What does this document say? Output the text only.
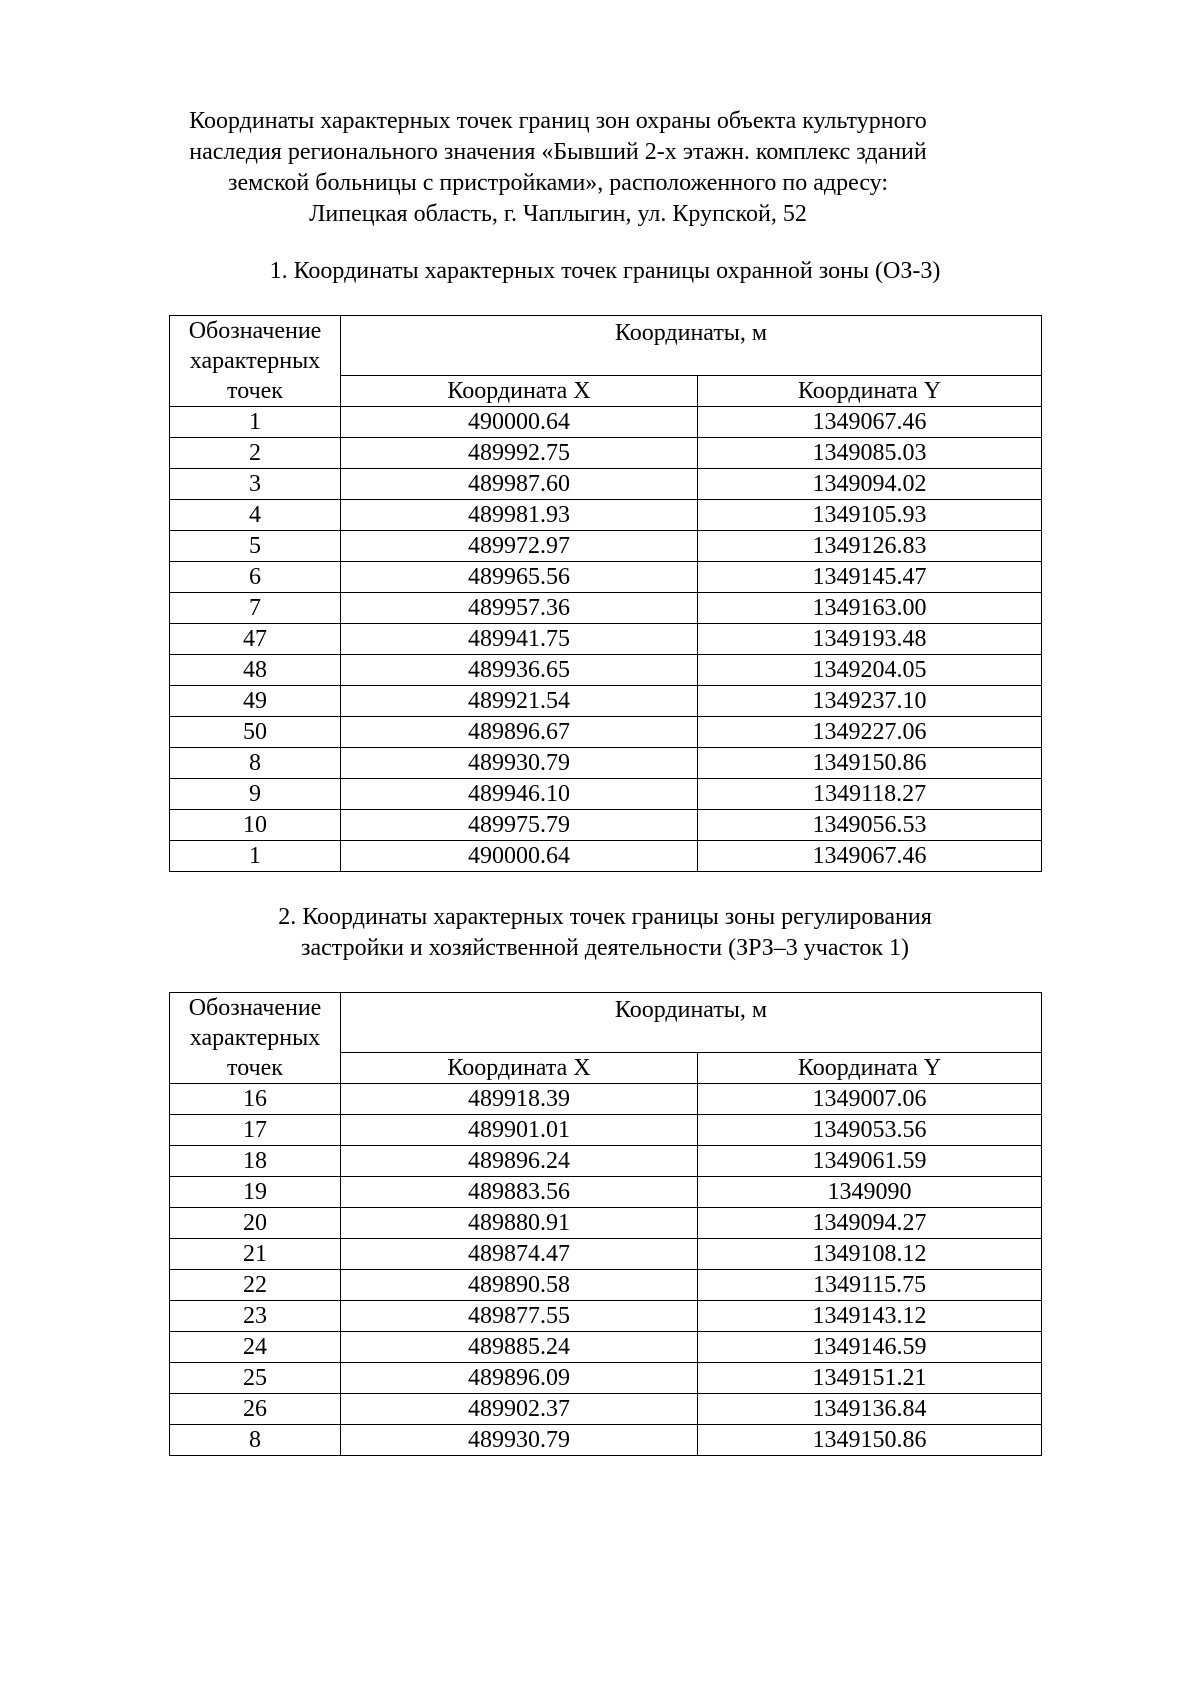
Координаты характерных точек границ зон охраны объекта культурного
наследия регионального значения «Бывший 2-х этажн. комплекс зданий
земской больницы с пристройками», расположенного по адресу:
Липецкая область, г. Чаплыгин, ул. Крупской, 52
1. Координаты характерных точек границы охранной зоны (ОЗ-3)
Обозначение характерных точек	Координаты, м	
	Координата X	Координата Y
1	490000.64	1349067.46
2	489992.75	1349085.03
3	489987.60	1349094.02
4	489981.93	1349105.93
5	489972.97	1349126.83
6	489965.56	1349145.47
7	489957.36	1349163.00
47	489941.75	1349193.48
48	489936.65	1349204.05
49	489921.54	1349237.10
50	489896.67	1349227.06
8	489930.79	1349150.86
9	489946.10	1349118.27
10	489975.79	1349056.53
1	490000.64	1349067.46
2. Координаты характерных точек границы зоны регулирования
застройки и хозяйственной деятельности (ЗРЗ–3 участок 1)
Обозначение характерных точек	Координаты, м	
	Координата X	Координата Y
16	489918.39	1349007.06
17	489901.01	1349053.56
18	489896.24	1349061.59
19	489883.56	1349090
20	489880.91	1349094.27
21	489874.47	1349108.12
22	489890.58	1349115.75
23	489877.55	1349143.12
24	489885.24	1349146.59
25	489896.09	1349151.21
26	489902.37	1349136.84
8	489930.79	1349150.86
